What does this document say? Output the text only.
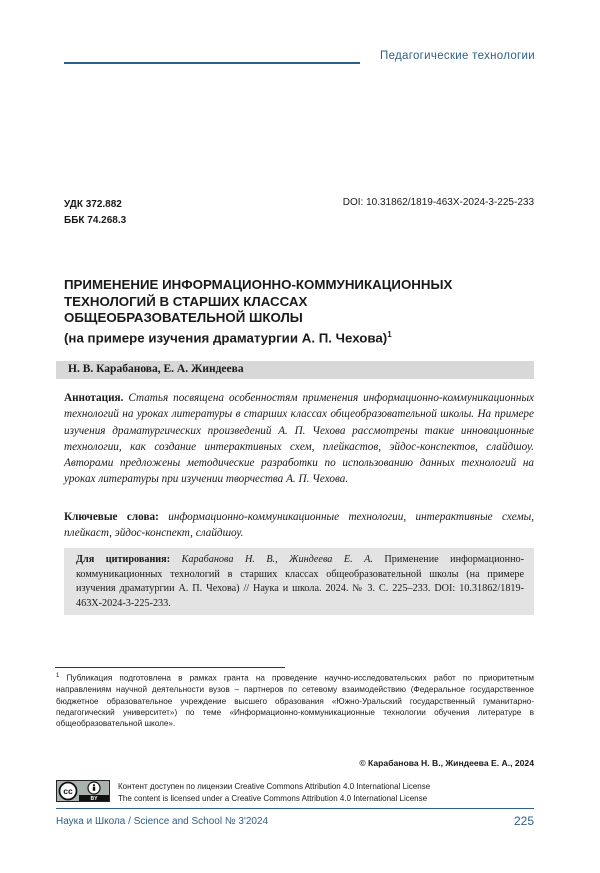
Педагогические технологии
УДК 372.882
ББК 74.268.3
DOI: 10.31862/1819-463X-2024-3-225-233
ПРИМЕНЕНИЕ ИНФОРМАЦИОННО-КОММУНИКАЦИОННЫХ
ТЕХНОЛОГИЙ В СТАРШИХ КЛАССАХ
ОБЩЕОБРАЗОВАТЕЛЬНОЙ ШКОЛЫ
(на примере изучения драматургии А. П. Чехова)$^1$
Н. В. Карабанова, Е. А. Жиндеева
Аннотация. Статья посвящена особенностям применения информационно-коммуникационных технологий на уроках литературы в старших классах общеобразовательной школы. На примере изучения драматургических произведений А. П. Чехова рассмотрены такие инновационные технологии, как создание интерактивных схем, плейкастов, эйдос-конспектов, слайдшоу. Авторами предложены методические разработки по использованию данных технологий на уроках литературы при изучении творчества А. П. Чехова.
Ключевые слова: информационно-коммуникационные технологии, интерактивные схемы, плейкаст, эйдос-конспект, слайдшоу.
Для цитирования: Карабанова Н. В., Жиндеева Е. А. Применение информационно-коммуникационных технологий в старших классах общеобразовательной школы (на примере изучения драматургии А. П. Чехова) // Наука и школа. 2024. № 3. С. 225–233. DOI: 10.31862/1819-463X-2024-3-225-233.
$^1$ Публикация подготовлена в рамках гранта на проведение научно-исследовательских работ по приоритетным направлениям научной деятельности вузов – партнеров по сетевому взаимодействию (Федеральное государственное бюджетное образовательное учреждение высшего образования «Южно-Уральский государственный гуманитарно-педагогический университет») по теме «Информационно-коммуникационные технологии обучения литературе в общеобразовательной школе».
© Карабанова Н. В., Жиндеева Е. А., 2024
cc
BY
Контент доступен по лицензии Creative Commons Attribution 4.0 International License
The content is licensed under a Creative Commons Attribution 4.0 International License
Наука и Школа / Science and School № 3'2024	225
